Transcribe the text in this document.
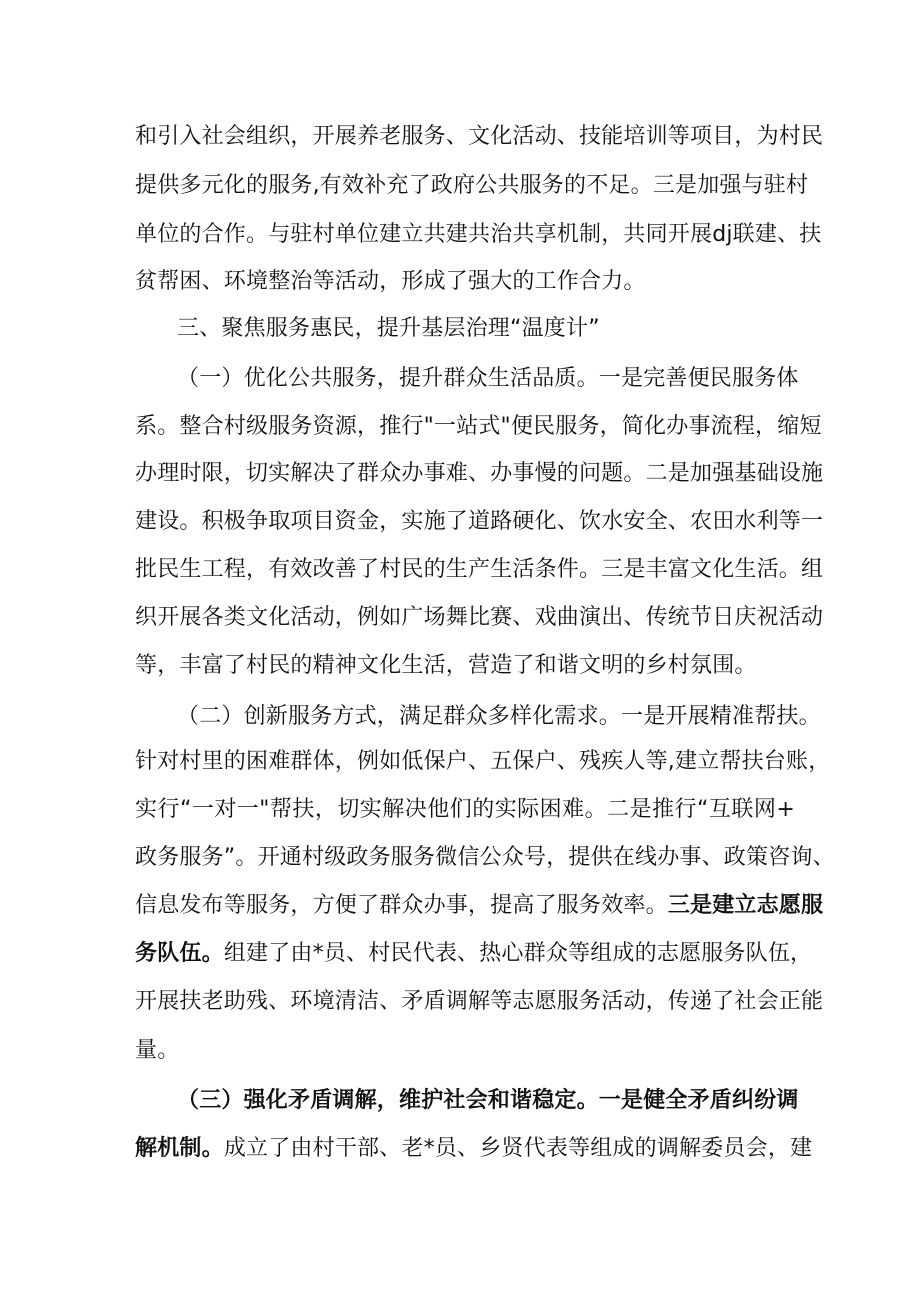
和引入社会组织，开展养老服务、文化活动、技能培训等项目，为村民
提供多元化的服务,有效补充了政府公共服务的不足。三是加强与驻村
单位的合作。与驻村单位建立共建共治共享机制，共同开展dj联建、扶
贫帮困、环境整治等活动，形成了强大的工作合力。
三、聚焦服务惠民，提升基层治理“温度计”
（一）优化公共服务，提升群众生活品质。一是完善便民服务体
系。整合村级服务资源，推行"一站式"便民服务，简化办事流程，缩短
办理时限，切实解决了群众办事难、办事慢的问题。二是加强基础设施
建设。积极争取项目资金，实施了道路硬化、饮水安全、农田水利等一
批民生工程，有效改善了村民的生产生活条件。三是丰富文化生活。组
织开展各类文化活动，例如广场舞比赛、戏曲演出、传统节日庆祝活动
等，丰富了村民的精神文化生活，营造了和谐文明的乡村氛围。
（二）创新服务方式，满足群众多样化需求。一是开展精准帮扶。
针对村里的困难群体，例如低保户、五保户、残疾人等,建立帮扶台账，
实行“一对一"帮扶，切实解决他们的实际困难。二是推行“互联网+
政务服务”。开通村级政务服务微信公众号，提供在线办事、政策咨询、
信息发布等服务，方便了群众办事，提高了服务效率。三是建立志愿服
务队伍。组建了由*员、村民代表、热心群众等组成的志愿服务队伍，
开展扶老助残、环境清洁、矛盾调解等志愿服务活动，传递了社会正能
量。
（三）强化矛盾调解，维护社会和谐稳定。一是健全矛盾纠纷调
解机制。成立了由村干部、老*员、乡贤代表等组成的调解委员会，建
